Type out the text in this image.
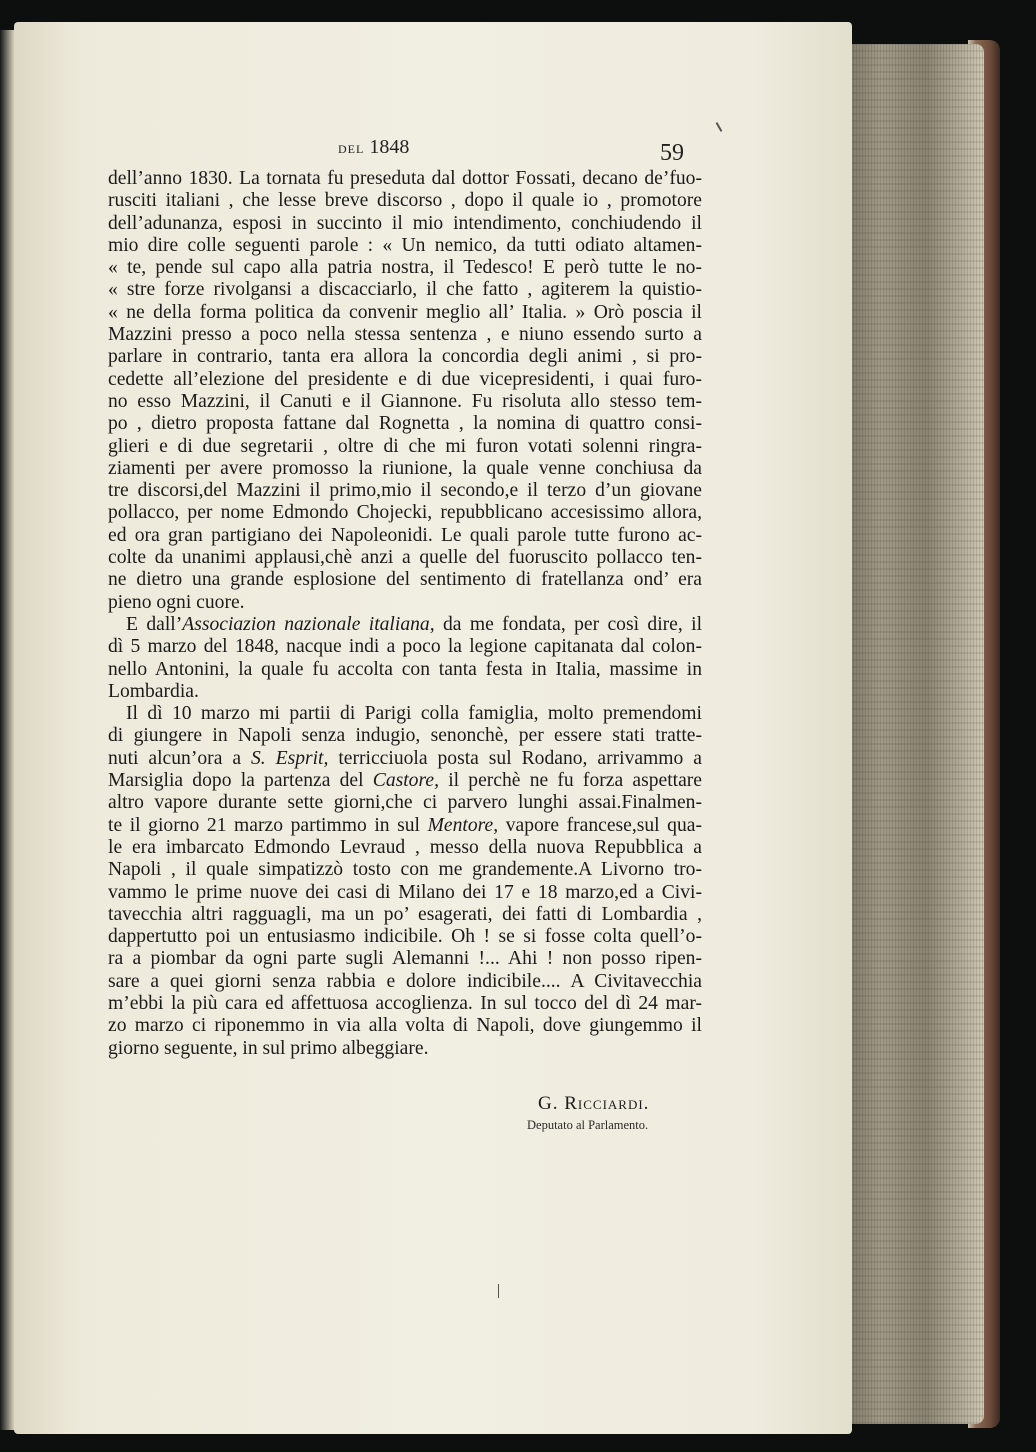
del 1848	59
dell’anno 1830. La tornata fu preseduta dal dottor Fossati, decano de’fuo-
rusciti italiani , che lesse breve discorso , dopo il quale io , promotore
dell’adunanza, esposi in succinto il mio intendimento, conchiudendo il
mio dire colle seguenti parole : « Un nemico, da tutti odiato altamen-
« te, pende sul capo alla patria nostra, il Tedesco! E però tutte le no-
« stre forze rivolgansi a discacciarlo, il che fatto , agiterem la quistio-
« ne della forma politica da convenir meglio all’ Italia. » Orò poscia il
Mazzini presso a poco nella stessa sentenza , e niuno essendo surto a
parlare in contrario, tanta era allora la concordia degli animi , si pro-
cedette all’elezione del presidente e di due vicepresidenti, i quai furo-
no esso Mazzini, il Canuti e il Giannone. Fu risoluta allo stesso tem-
po , dietro proposta fattane dal Rognetta , la nomina di quattro consi-
glieri e di due segretarii , oltre di che mi furon votati solenni ringra-
ziamenti per avere promosso la riunione, la quale venne conchiusa da
tre discorsi,del Mazzini il primo,mio il secondo,e il terzo d’un giovane
pollacco, per nome Edmondo Chojecki, repubblicano accesissimo allora,
ed ora gran partigiano dei Napoleonidi. Le quali parole tutte furono ac-
colte da unanimi applausi,chè anzi a quelle del fuoruscito pollacco ten-
ne dietro una grande esplosione del sentimento di fratellanza ond’ era
pieno ogni cuore.
E dall’Associazion nazionale italiana, da me fondata, per così dire, il
dì 5 marzo del 1848, nacque indi a poco la legione capitanata dal colon-
nello Antonini, la quale fu accolta con tanta festa in Italia, massime in
Lombardia.
Il dì 10 marzo mi partii di Parigi colla famiglia, molto premendomi
di giungere in Napoli senza indugio, senonchè, per essere stati tratte-
nuti alcun’ora a S. Esprit, terricciuola posta sul Rodano, arrivammo a
Marsiglia dopo la partenza del Castore, il perchè ne fu forza aspettare
altro vapore durante sette giorni,che ci parvero lunghi assai.Finalmen-
te il giorno 21 marzo partimmo in sul Mentore, vapore francese,sul qua-
le era imbarcato Edmondo Levraud , messo della nuova Repubblica a
Napoli , il quale simpatizzò tosto con me grandemente.A Livorno tro-
vammo le prime nuove dei casi di Milano dei 17 e 18 marzo,ed a Civi-
tavecchia altri ragguagli, ma un po’ esagerati, dei fatti di Lombardia ,
dappertutto poi un entusiasmo indicibile. Oh ! se si fosse colta quell’o-
ra a piombar da ogni parte sugli Alemanni !... Ahi ! non posso ripen-
sare a quei giorni senza rabbia e dolore indicibile.... A Civitavecchia
m’ebbi la più cara ed affettuosa accoglienza. In sul tocco del dì 24 mar-
zo marzo ci riponemmo in via alla volta di Napoli, dove giungemmo il
giorno seguente, in sul primo albeggiare.
G. Ricciardi.
Deputato al Parlamento.
